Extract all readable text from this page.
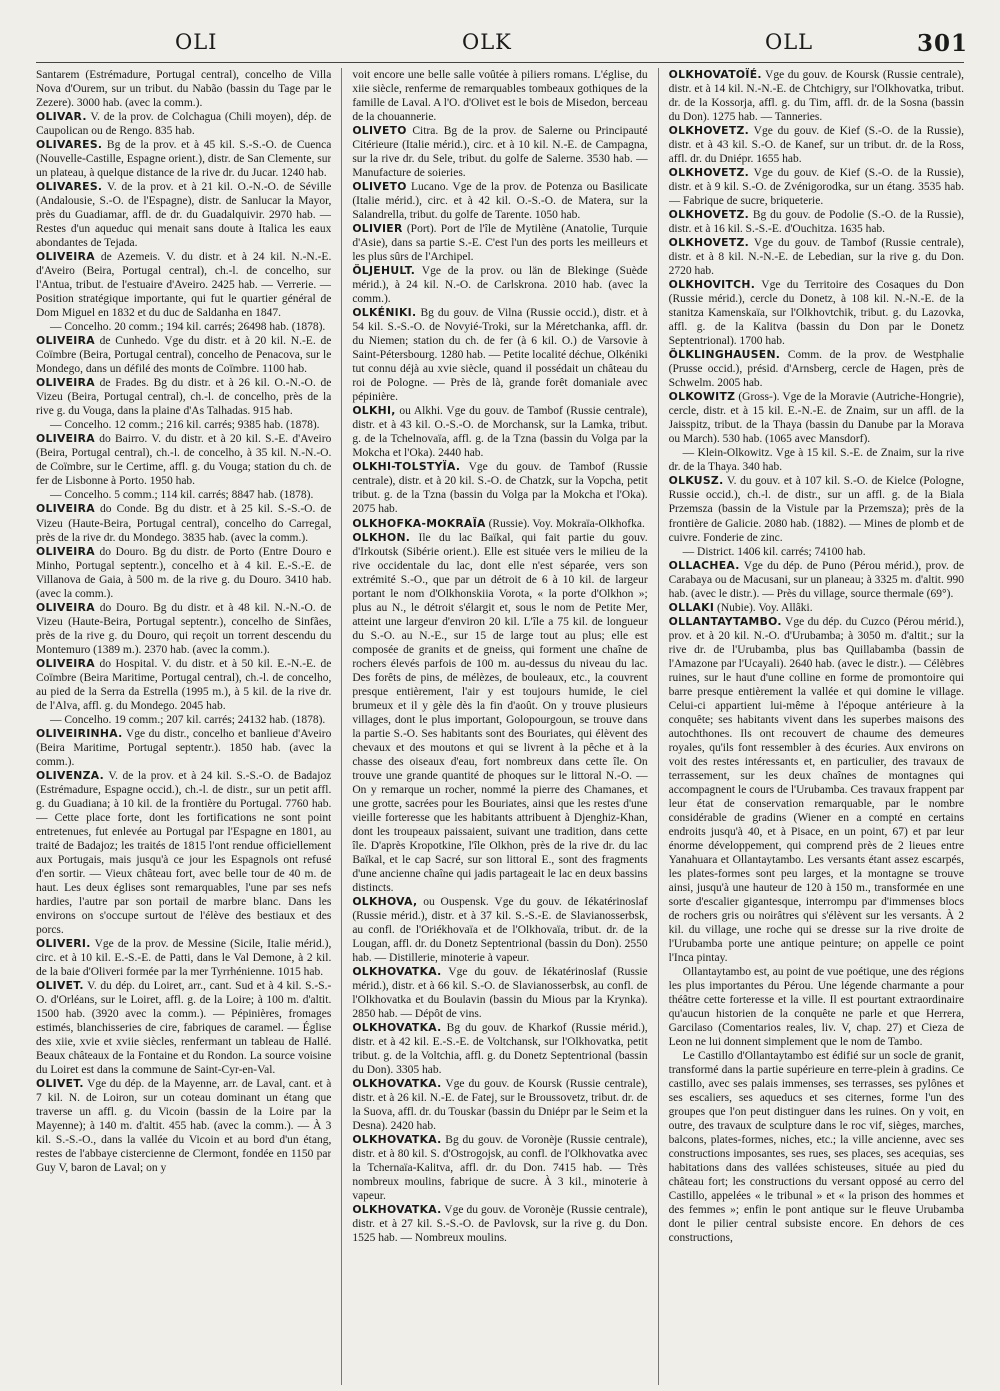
OLI	OLK	OLL	301

Santarem (Estrémadure, Portugal central), concelho de Villa Nova d'Ourem, sur un tribut. du Nabão (bassin du Tage par le Zezere). 3000 hab. (avec la comm.).

OLIVAR. V. de la prov. de Colchagua (Chili moyen), dép. de Caupolican ou de Rengo. 835 hab.

OLIVARES. Bg de la prov. et à 45 kil. S.-S.-O. de Cuenca (Nouvelle-Castille, Espagne orient.), distr. de San Clemente, sur un plateau, à quelque distance de la rive dr. du Jucar. 1240 hab.

OLIVARES. V. de la prov. et à 21 kil. O.-N.-O. de Séville (Andalousie, S.-O. de l'Espagne), distr. de Sanlucar la Mayor, près du Guadiamar, affl. de dr. du Guadalquivir. 2970 hab. — Restes d'un aqueduc qui menait sans doute à Italica les eaux abondantes de Tejada.

OLIVEIRA de Azemeis. V. du distr. et à 24 kil. N.-N.-E. d'Aveiro (Beira, Portugal central), ch.-l. de concelho, sur l'Antua, tribut. de l'estuaire d'Aveiro. 2425 hab. — Verrerie. — Position stratégique importante, qui fut le quartier général de Dom Miguel en 1832 et du duc de Saldanha en 1847.

— Concelho. 20 comm.; 194 kil. carrés; 26498 hab. (1878).

OLIVEIRA de Cunhedo. Vge du distr. et à 20 kil. N.-E. de Coïmbre (Beira, Portugal central), concelho de Penacova, sur le Mondego, dans un défilé des monts de Coïmbre. 1100 hab.

OLIVEIRA de Frades. Bg du distr. et à 26 kil. O.-N.-O. de Vizeu (Beira, Portugal central), ch.-l. de concelho, près de la rive g. du Vouga, dans la plaine d'As Talhadas. 915 hab.

— Concelho. 12 comm.; 216 kil. carrés; 9385 hab. (1878).

OLIVEIRA do Bairro. V. du distr. et à 20 kil. S.-E. d'Aveiro (Beira, Portugal central), ch.-l. de concelho, à 35 kil. N.-N.-O. de Coïmbre, sur le Certime, affl. g. du Vouga; station du ch. de fer de Lisbonne à Porto. 1950 hab.

— Concelho. 5 comm.; 114 kil. carrés; 8847 hab. (1878).

OLIVEIRA do Conde. Bg du distr. et à 25 kil. S.-S.-O. de Vizeu (Haute-Beira, Portugal central), concelho do Carregal, près de la rive dr. du Mondego. 3835 hab. (avec la comm.).

OLIVEIRA do Douro. Bg du distr. de Porto (Entre Douro e Minho, Portugal septentr.), concelho et à 4 kil. E.-S.-E. de Villanova de Gaia, à 500 m. de la rive g. du Douro. 3410 hab. (avec la comm.).

OLIVEIRA do Douro. Bg du distr. et à 48 kil. N.-N.-O. de Vizeu (Haute-Beira, Portugal septentr.), concelho de Sinfães, près de la rive g. du Douro, qui reçoit un torrent descendu du Montemuro (1389 m.). 2370 hab. (avec la comm.).

OLIVEIRA do Hospital. V. du distr. et à 50 kil. E.-N.-E. de Coïmbre (Beira Maritime, Portugal central), ch.-l. de concelho, au pied de la Serra da Estrella (1995 m.), à 5 kil. de la rive dr. de l'Alva, affl. g. du Mondego. 2045 hab.

— Concelho. 19 comm.; 207 kil. carrés; 24132 hab. (1878).

OLIVEIRINHA. Vge du distr., concelho et banlieue d'Aveiro (Beira Maritime, Portugal septentr.). 1850 hab. (avec la comm.).

OLIVENZA. V. de la prov. et à 24 kil. S.-S.-O. de Badajoz (Estrémadure, Espagne occid.), ch.-l. de distr., sur un petit affl. g. du Guadiana; à 10 kil. de la frontière du Portugal. 7760 hab. — Cette place forte, dont les fortifications ne sont point entretenues, fut enlevée au Portugal par l'Espagne en 1801, au traité de Badajoz; les traités de 1815 l'ont rendue officiellement aux Portugais, mais jusqu'à ce jour les Espagnols ont refusé d'en sortir. — Vieux château fort, avec belle tour de 40 m. de haut. Les deux églises sont remarquables, l'une par ses nefs hardies, l'autre par son portail de marbre blanc. Dans les environs on s'occupe surtout de l'élève des bestiaux et des porcs.

OLIVERI. Vge de la prov. de Messine (Sicile, Italie mérid.), circ. et à 10 kil. E.-S.-E. de Patti, dans le Val Demone, à 2 kil. de la baie d'Oliveri formée par la mer Tyrrhénienne. 1015 hab.

OLIVET. V. du dép. du Loiret, arr., cant. Sud et à 4 kil. S.-S.-O. d'Orléans, sur le Loiret, affl. g. de la Loire; à 100 m. d'altit. 1500 hab. (3920 avec la comm.). — Pépinières, fromages estimés, blanchisseries de cire, fabriques de caramel. — Église des xiie, xvie et xviie siècles, renfermant un tableau de Hallé. Beaux châteaux de la Fontaine et du Rondon. La source voisine du Loiret est dans la commune de Saint-Cyr-en-Val.

OLIVET. Vge du dép. de la Mayenne, arr. de Laval, cant. et à 7 kil. N. de Loiron, sur un coteau dominant un étang que traverse un affl. g. du Vicoin (bassin de la Loire par la Mayenne); à 140 m. d'altit. 455 hab. (avec la comm.). — À 3 kil. S.-S.-O., dans la vallée du Vicoin et au bord d'un étang, restes de l'abbaye cistercienne de Clermont, fondée en 1150 par Guy V, baron de Laval; on y

voit encore une belle salle voûtée à piliers romans. L'église, du xiie siècle, renferme de remarquables tombeaux gothiques de la famille de Laval. A l'O. d'Olivet est le bois de Misedon, berceau de la chouannerie.

OLIVETO Citra. Bg de la prov. de Salerne ou Principauté Citérieure (Italie mérid.), circ. et à 10 kil. N.-E. de Campagna, sur la rive dr. du Sele, tribut. du golfe de Salerne. 3530 hab. — Manufacture de soieries.

OLIVETO Lucano. Vge de la prov. de Potenza ou Basilicate (Italie mérid.), circ. et à 42 kil. O.-S.-O. de Matera, sur la Salandrella, tribut. du golfe de Tarente. 1050 hab.

OLIVIER (Port). Port de l'île de Mytilène (Anatolie, Turquie d'Asie), dans sa partie S.-E. C'est l'un des ports les meilleurs et les plus sûrs de l'Archipel.

ÖLJEHULT. Vge de la prov. ou län de Blekinge (Suède mérid.), à 24 kil. N.-O. de Carlskrona. 2010 hab. (avec la comm.).

OLKÉNIKI. Bg du gouv. de Vilna (Russie occid.), distr. et à 54 kil. S.-S.-O. de Novyié-Troki, sur la Méretchanka, affl. dr. du Niemen; station du ch. de fer (à 6 kil. O.) de Varsovie à Saint-Pétersbourg. 1280 hab. — Petite localité déchue, Olkéniki tut connu déjà au xvie siècle, quand il possédait un château du roi de Pologne. — Près de là, grande forêt domaniale avec pépinière.

OLKHI, ou Alkhi. Vge du gouv. de Tambof (Russie centrale), distr. et à 43 kil. O.-S.-O. de Morchansk, sur la Lamka, tribut. g. de la Tchelnovaïa, affl. g. de la Tzna (bassin du Volga par la Mokcha et l'Oka). 2440 hab.

OLKHI-TOLSTYÏA. Vge du gouv. de Tambof (Russie centrale), distr. et à 20 kil. S.-O. de Chatzk, sur la Vopcha, petit tribut. g. de la Tzna (bassin du Volga par la Mokcha et l'Oka). 2075 hab.

OLKHOFKA-MOKRAÏA (Russie). Voy. Mokraïa-Olkhofka.

OLKHON. Ile du lac Baïkal, qui fait partie du gouv. d'Irkoutsk (Sibérie orient.). Elle est située vers le milieu de la rive occidentale du lac, dont elle n'est séparée, vers son extrémité S.-O., que par un détroit de 6 à 10 kil. de largeur portant le nom d'Olkhonskiia Vorota, « la porte d'Olkhon »; plus au N., le détroit s'élargit et, sous le nom de Petite Mer, atteint une largeur d'environ 20 kil. L'île a 75 kil. de longueur du S.-O. au N.-E., sur 15 de large tout au plus; elle est composée de granits et de gneiss, qui forment une chaîne de rochers élevés parfois de 100 m. au-dessus du niveau du lac. Des forêts de pins, de mélèzes, de bouleaux, etc., la couvrent presque entièrement, l'air y est toujours humide, le ciel brumeux et il y gèle dès la fin d'août. On y trouve plusieurs villages, dont le plus important, Golopourgoun, se trouve dans la partie S.-O. Ses habitants sont des Bouriates, qui élèvent des chevaux et des moutons et qui se livrent à la pêche et à la chasse des oiseaux d'eau, fort nombreux dans cette île. On trouve une grande quantité de phoques sur le littoral N.-O. — On y remarque un rocher, nommé la pierre des Chamanes, et une grotte, sacrées pour les Bouriates, ainsi que les restes d'une vieille forteresse que les habitants attribuent à Djenghiz-Khan, dont les troupeaux paissaient, suivant une tradition, dans cette île. D'après Kropotkine, l'île Olkhon, près de la rive dr. du lac Baïkal, et le cap Sacré, sur son littoral E., sont des fragments d'une ancienne chaîne qui jadis partageait le lac en deux bassins distincts.

OLKHOVA, ou Ouspensk. Vge du gouv. de Iékatérinoslaf (Russie mérid.), distr. et à 37 kil. S.-S.-E. de Slavianosserbsk, au confl. de l'Oriékhovaïa et de l'Olkhovaïa, tribut. dr. de la Lougan, affl. dr. du Donetz Septentrional (bassin du Don). 2550 hab. — Distillerie, minoterie à vapeur.

OLKHOVATKA. Vge du gouv. de Iékatérinoslaf (Russie mérid.), distr. et à 66 kil. S.-O. de Slavianosserbsk, au confl. de l'Olkhovatka et du Boulavin (bassin du Mious par la Krynka). 2850 hab. — Dépôt de vins.

OLKHOVATKA. Bg du gouv. de Kharkof (Russie mérid.), distr. et à 42 kil. E.-S.-E. de Voltchansk, sur l'Olkhovatka, petit tribut. g. de la Voltchia, affl. g. du Donetz Septentrional (bassin du Don). 3305 hab.

OLKHOVATKA. Vge du gouv. de Koursk (Russie centrale), distr. et à 26 kil. N.-E. de Fatej, sur le Broussovetz, tribut. dr. de la Suova, affl. dr. du Touskar (bassin du Dniépr par le Seim et la Desna). 2420 hab.

OLKHOVATKA. Bg du gouv. de Voronèje (Russie centrale), distr. et à 80 kil. S. d'Ostrogojsk, au confl. de l'Olkhovatka avec la Tchernaïa-Kalitva, affl. dr. du Don. 7415 hab. — Très nombreux moulins, fabrique de sucre. À 3 kil., minoterie à vapeur.

OLKHOVATKA. Vge du gouv. de Voronèje (Russie centrale), distr. et à 27 kil. S.-S.-O. de Pavlovsk, sur la rive g. du Don. 1525 hab. — Nombreux moulins.

OLKHOVATOÏÉ. Vge du gouv. de Koursk (Russie centrale), distr. et à 14 kil. N.-N.-E. de Chtchigry, sur l'Olkhovatka, tribut. dr. de la Kossorja, affl. g. du Tim, affl. dr. de la Sosna (bassin du Don). 1275 hab. — Tanneries.

OLKHOVETZ. Vge du gouv. de Kief (S.-O. de la Russie), distr. et à 43 kil. S.-O. de Kanef, sur un tribut. dr. de la Ross, affl. dr. du Dniépr. 1655 hab.

OLKHOVETZ. Vge du gouv. de Kief (S.-O. de la Russie), distr. et à 9 kil. S.-O. de Zvénigorodka, sur un étang. 3535 hab. — Fabrique de sucre, briqueterie.

OLKHOVETZ. Bg du gouv. de Podolie (S.-O. de la Russie), distr. et à 16 kil. S.-S.-E. d'Ouchitza. 1635 hab.

OLKHOVETZ. Vge du gouv. de Tambof (Russie centrale), distr. et à 8 kil. N.-N.-E. de Lebedian, sur la rive g. du Don. 2720 hab.

OLKHOVITCH. Vge du Territoire des Cosaques du Don (Russie mérid.), cercle du Donetz, à 108 kil. N.-N.-E. de la stanitza Kamenskaïa, sur l'Olkhovtchik, tribut. g. du Lazovka, affl. g. de la Kalitva (bassin du Don par le Donetz Septentrional). 1700 hab.

ÖLKLINGHAUSEN. Comm. de la prov. de Westphalie (Prusse occid.), présid. d'Arnsberg, cercle de Hagen, près de Schwelm. 2005 hab.

OLKOWITZ (Gross-). Vge de la Moravie (Autriche-Hongrie), cercle, distr. et à 15 kil. E.-N.-E. de Znaim, sur un affl. de la Jaisspitz, tribut. de la Thaya (bassin du Danube par la Morava ou March). 530 hab. (1065 avec Mansdorf).

— Klein-Olkowitz. Vge à 15 kil. S.-E. de Znaim, sur la rive dr. de la Thaya. 340 hab.

OLKUSZ. V. du gouv. et à 107 kil. S.-O. de Kielce (Pologne, Russie occid.), ch.-l. de distr., sur un affl. g. de la Biala Przemsza (bassin de la Vistule par la Przemsza); près de la frontière de Galicie. 2080 hab. (1882). — Mines de plomb et de cuivre. Fonderie de zinc.

— District. 1406 kil. carrés; 74100 hab.

OLLACHEA. Vge du dép. de Puno (Pérou mérid.), prov. de Carabaya ou de Macusani, sur un planeau; à 3325 m. d'altit. 990 hab. (avec le distr.). — Près du village, source thermale (69°).

OLLAKI (Nubie). Voy. Allâki.

OLLANTAYTAMBO. Vge du dép. du Cuzco (Pérou mérid.), prov. et à 20 kil. N.-O. d'Urubamba; à 3050 m. d'altit.; sur la rive dr. de l'Urubamba, plus bas Quillabamba (bassin de l'Amazone par l'Ucayali). 2640 hab. (avec le distr.). — Célèbres ruines, sur le haut d'une colline en forme de promontoire qui barre presque entièrement la vallée et qui domine le village. Celui-ci appartient lui-même à l'époque antérieure à la conquête; ses habitants vivent dans les superbes maisons des autochthones. Ils ont recouvert de chaume des demeures royales, qu'ils font ressembler à des écuries. Aux environs on voit des restes intéressants et, en particulier, des travaux de terrassement, sur les deux chaînes de montagnes qui accompagnent le cours de l'Urubamba. Ces travaux frappent par leur état de conservation remarquable, par le nombre considérable de gradins (Wiener en a compté en certains endroits jusqu'à 40, et à Pisace, en un point, 67) et par leur énorme développement, qui comprend près de 2 lieues entre Yanahuara et Ollantaytambo. Les versants étant assez escarpés, les plates-formes sont peu larges, et la montagne se trouve ainsi, jusqu'à une hauteur de 120 à 150 m., transformée en une sorte d'escalier gigantesque, interrompu par d'immenses blocs de rochers gris ou noirâtres qui s'élèvent sur les versants. À 2 kil. du village, une roche qui se dresse sur la rive droite de l'Urubamba porte une antique peinture; on appelle ce point l'Inca pintay.

Ollantaytambo est, au point de vue poétique, une des régions les plus importantes du Pérou. Une légende charmante a pour théâtre cette forteresse et la ville. Il est pourtant extraordinaire qu'aucun historien de la conquête ne parle et que Herrera, Garcilaso (Comentarios reales, liv. V, chap. 27) et Cieza de Leon ne lui donnent simplement que le nom de Tambo.

Le Castillo d'Ollantaytambo est édifié sur un socle de granit, transformé dans la partie supérieure en terre-plein à gradins. Ce castillo, avec ses palais immenses, ses terrasses, ses pylônes et ses escaliers, ses aqueducs et ses citernes, forme l'un des groupes que l'on peut distinguer dans les ruines. On y voit, en outre, des travaux de sculpture dans le roc vif, sièges, marches, balcons, plates-formes, niches, etc.; la ville ancienne, avec ses constructions imposantes, ses rues, ses places, ses acequias, ses habitations dans des vallées schisteuses, située au pied du château fort; les constructions du versant opposé au cerro del Castillo, appelées « le tribunal » et « la prison des hommes et des femmes »; enfin le pont antique sur le fleuve Urubamba dont le pilier central subsiste encore. En dehors de ces constructions,
